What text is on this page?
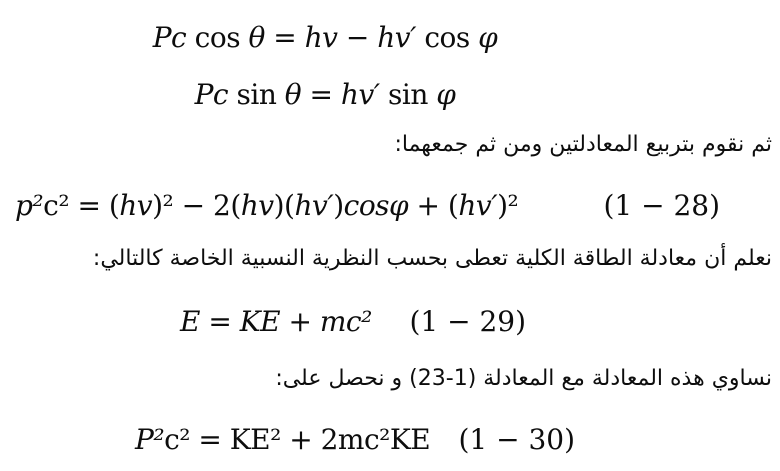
Pc cos θ = hv − hv′ cos φ
Pc sin θ = hv′ sin φ
ثم نقوم بتربيع المعادلتين ومن ثم جمعهما:
p²c² = (hv)² − 2(hv)(hv′)cosφ + (hv′)²	(1 − 28)
نعلم أن معادلة الطاقة الكلية تعطى بحسب النظرية النسبية الخاصة كالتالي:
E = KE + mc² (1 − 29)
نساوي هذه المعادلة مع المعادلة (1-23) و نحصل على:
P²c² = KE² + 2mc²KE (1 − 30)
